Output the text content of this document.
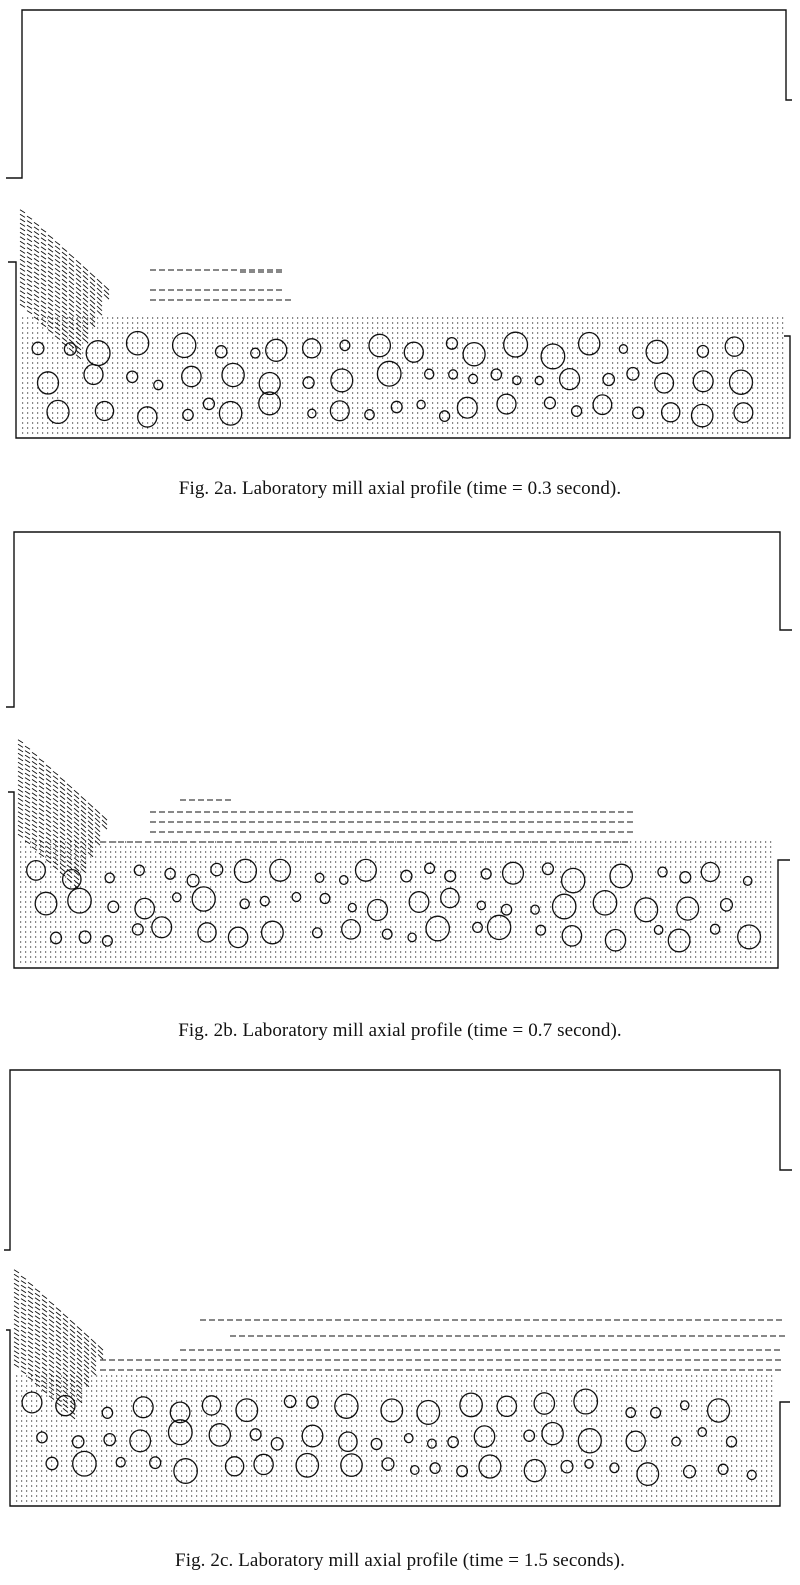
Fig. 2a. Laboratory mill axial profile (time = 0.3 second).
Fig. 2b. Laboratory mill axial profile (time = 0.7 second).
Fig. 2c. Laboratory mill axial profile (time = 1.5 seconds).
